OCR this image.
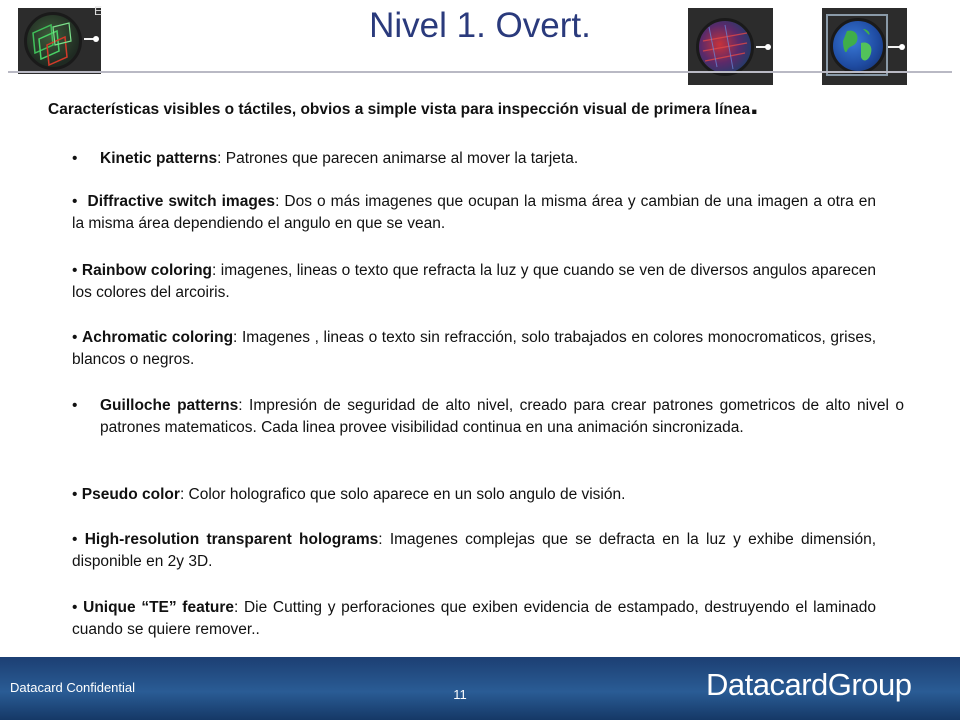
E	Nivel 1. Overt.
Características visibles o táctiles, obvios a simple vista para inspección visual de primera línea.
• Kinetic patterns: Patrones que parecen animarse al mover la tarjeta.
• Diffractive switch images: Dos o más imagenes que ocupan la misma área y cambian de una imagen a otra en la misma área dependiendo el angulo en que se vean.
• Rainbow coloring: imagenes, lineas o texto que refracta la luz y que cuando se ven de diversos angulos aparecen los colores del arcoiris.
• Achromatic coloring: Imagenes , lineas o texto sin refracción, solo trabajados en colores monocromaticos, grises, blancos o negros.
• Guilloche patterns: Impresión de seguridad de alto nivel, creado para crear patrones gometricos de alto nivel o patrones matematicos. Cada linea provee visibilidad continua en una animación sincronizada.
• Pseudo color: Color holografico que solo aparece en un solo angulo de visión.
• High-resolution transparent holograms: Imagenes complejas que se defracta en la luz y exhibe dimensión, disponible en 2y 3D.
• Unique “TE” feature: Die Cutting y perforaciones que exiben evidencia de estampado, destruyendo el laminado cuando se quiere remover..
Datacard Confidential	11	DatacardGroup
